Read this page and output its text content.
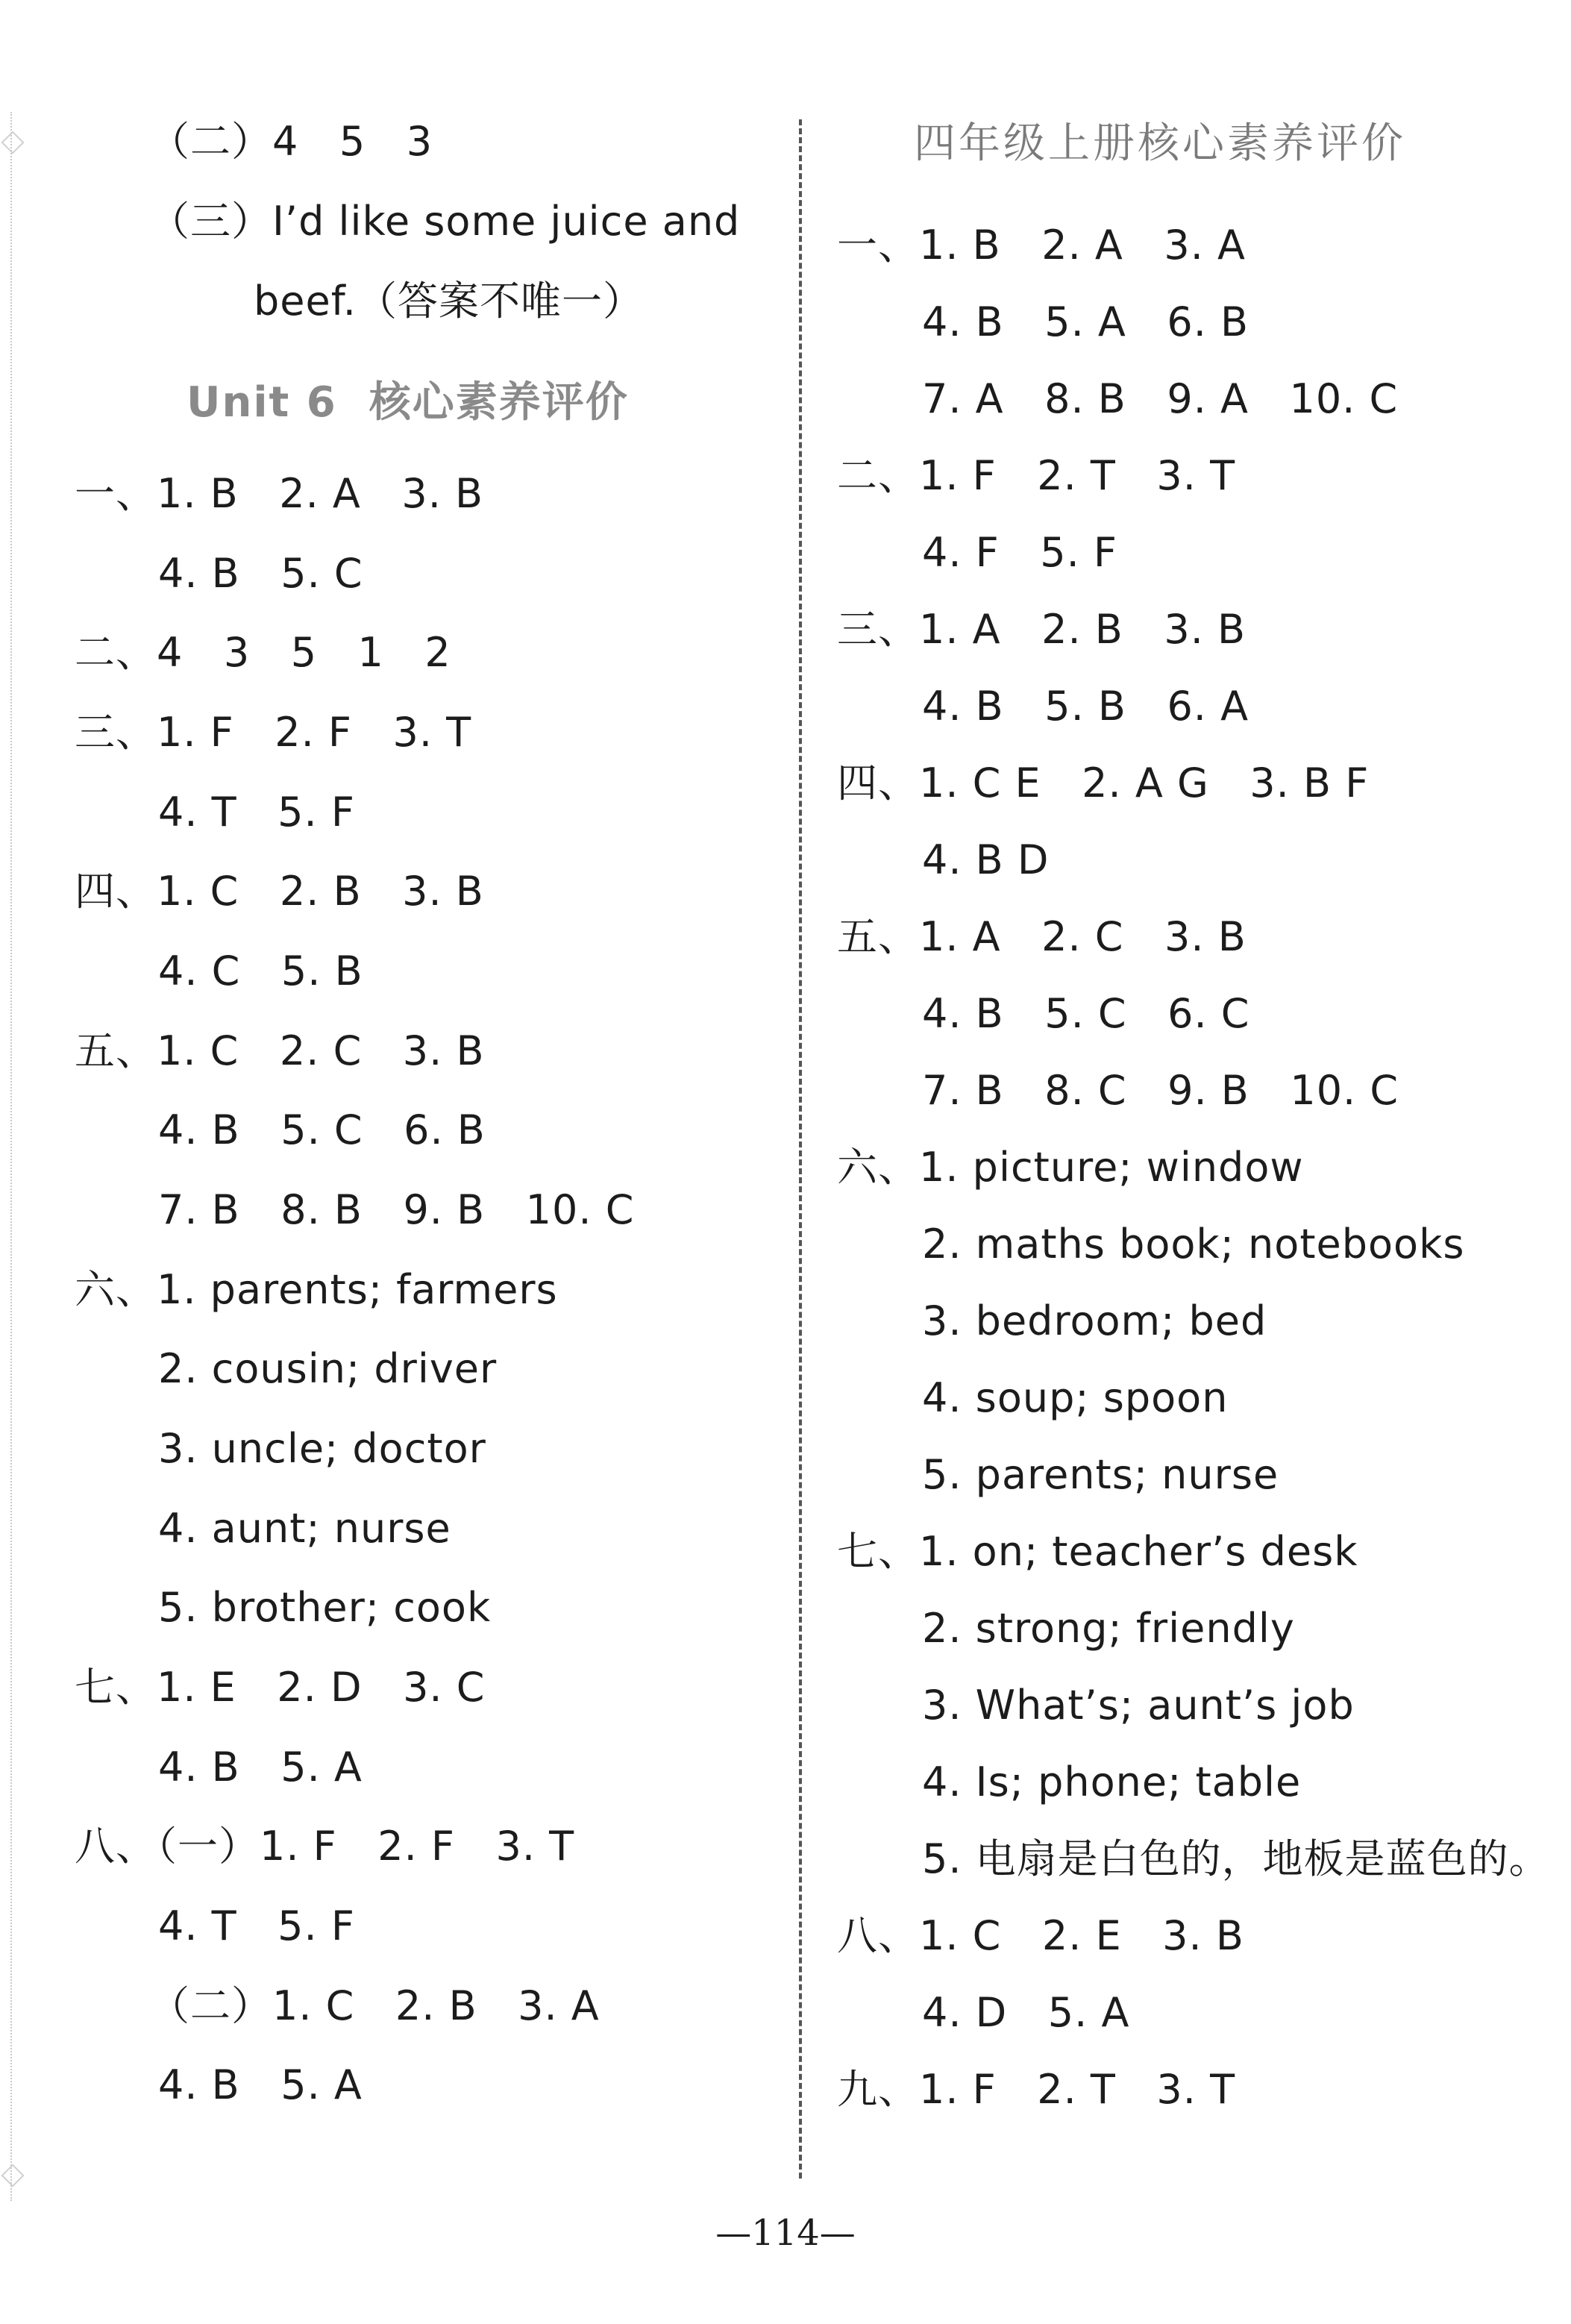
（二）4   5   3
（三）I’d like some juice and
beef.（答案不唯一）
Unit 6  核心素养评价
一、1. B   2. A   3. B
4. B   5. C
二、4   3   5   1   2
三、1. F   2. F   3. T
4. T   5. F
四、1. C   2. B   3. B
4. C   5. B
五、1. C   2. C   3. B
4. B   5. C   6. B
7. B   8. B   9. B   10. C
六、1. parents; farmers
2. cousin; driver
3. uncle; doctor
4. aunt; nurse
5. brother; cook
七、1. E   2. D   3. C
4. B   5. A
八、（一）1. F   2. F   3. T
4. T   5. F
（二）1. C   2. B   3. A
4. B   5. A
四年级上册核心素养评价
一、1. B   2. A   3. A
4. B   5. A   6. B
7. A   8. B   9. A   10. C
二、1. F   2. T   3. T
4. F   5. F
三、1. A   2. B   3. B
4. B   5. B   6. A
四、1. C E   2. A G   3. B F
4. B D
五、1. A   2. C   3. B
4. B   5. C   6. C
7. B   8. C   9. B   10. C
六、1. picture; window
2. maths book; notebooks
3. bedroom; bed
4. soup; spoon
5. parents; nurse
七、1. on; teacher’s desk
2. strong; friendly
3. What’s; aunt’s job
4. Is; phone; table
5. 电扇是白色的，地板是蓝色的。
八、1. C   2. E   3. B
4. D   5. A
九、1. F   2. T   3. T
—114—
